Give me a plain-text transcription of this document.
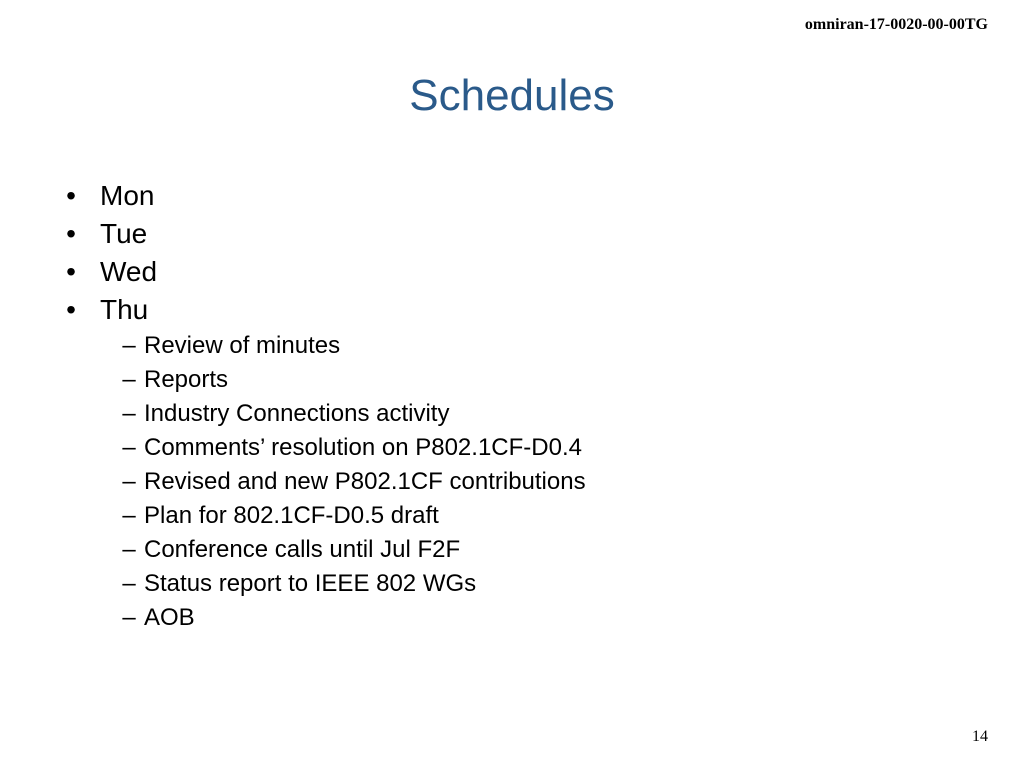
omniran-17-0020-00-00TG
Schedules
• Mon
• Tue
• Wed
• Thu
– Review of minutes
– Reports
– Industry Connections activity
– Comments’ resolution on P802.1CF-D0.4
– Revised and new P802.1CF contributions
– Plan for 802.1CF-D0.5 draft
– Conference calls until Jul F2F
– Status report to IEEE 802 WGs
– AOB
14
